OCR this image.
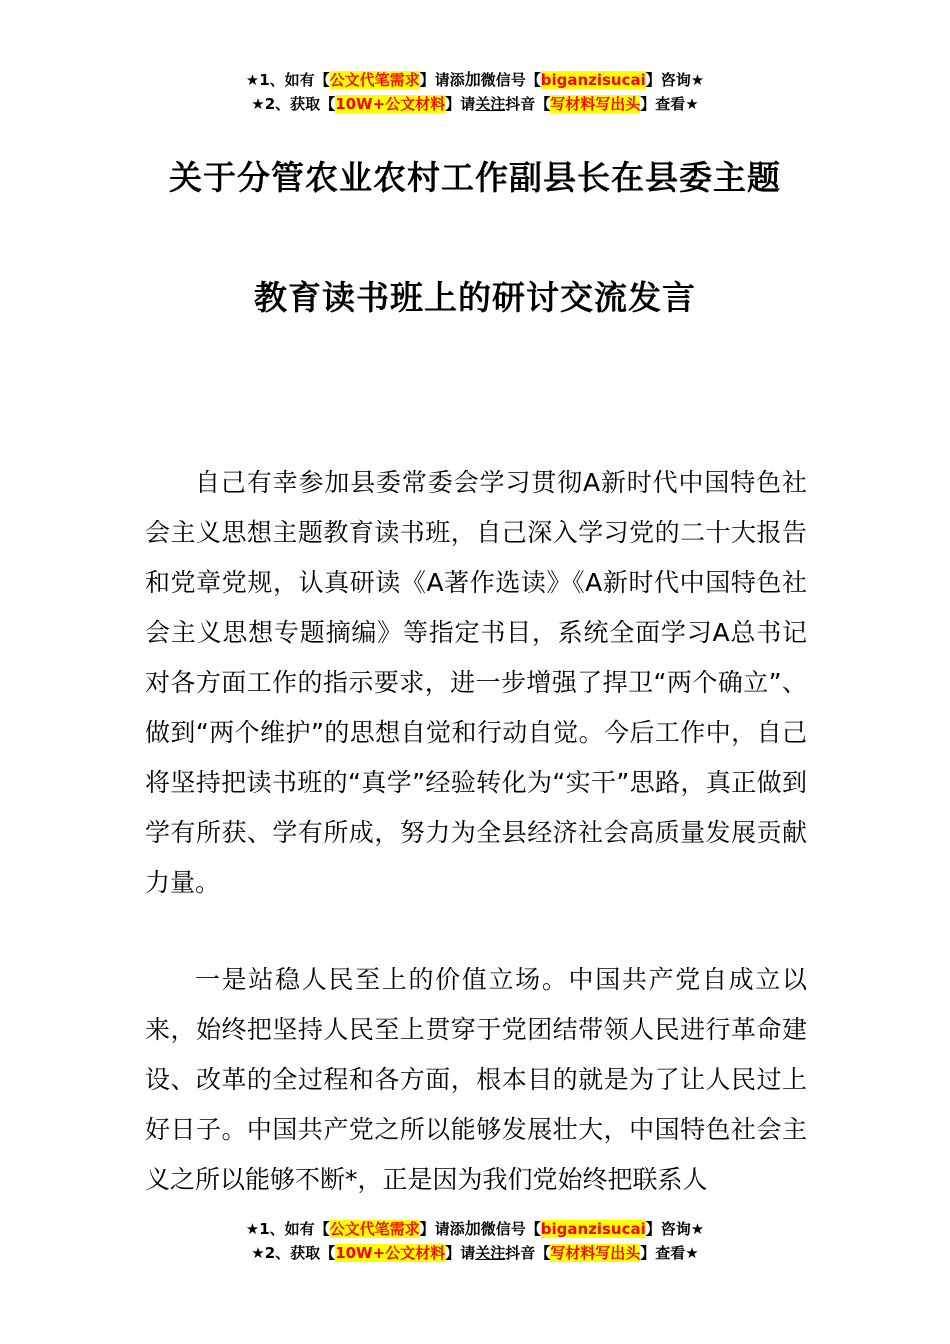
★1、如有【公文代笔需求】请添加微信号【biganzisucai】咨询★
★2、获取【10W+公文材料】请关注抖音【写材料写出头】查看★
关于分管农业农村工作副县长在县委主题
教育读书班上的研讨交流发言

自己有幸参加县委常委会学习贯彻A新时代中国特色社会主义思想主题教育读书班，自己深入学习党的二十大报告和党章党规，认真研读《A著作选读》《A新时代中国特色社会主义思想专题摘编》等指定书目，系统全面学习A总书记对各方面工作的指示要求，进一步增强了捍卫“两个确立”、做到“两个维护”的思想自觉和行动自觉。今后工作中，自己将坚持把读书班的“真学”经验转化为“实干”思路，真正做到学有所获、学有所成，努力为全县经济社会高质量发展贡献力量。

一是站稳人民至上的价值立场。中国共产党自成立以来，始终把坚持人民至上贯穿于党团结带领人民进行革命建设、改革的全过程和各方面，根本目的就是为了让人民过上好日子。中国共产党之所以能够发展壮大，中国特色社会主义之所以能够不断*，正是因为我们党始终把联系人

★1、如有【公文代笔需求】请添加微信号【biganzisucai】咨询★
★2、获取【10W+公文材料】请关注抖音【写材料写出头】查看★
